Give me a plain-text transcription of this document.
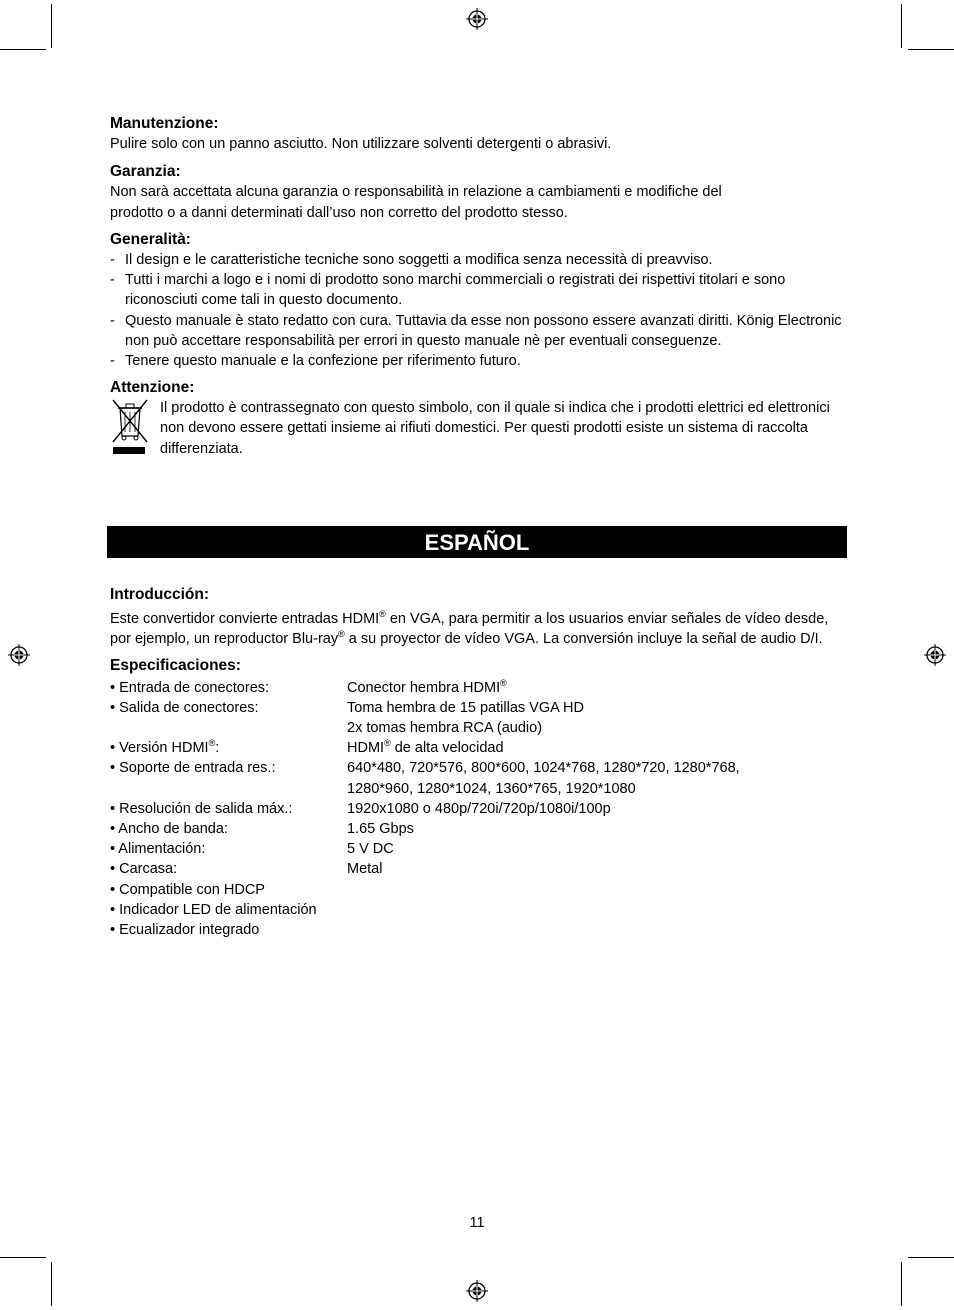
Manutenzione:

Pulire solo con un panno asciutto. Non utilizzare solventi detergenti o abrasivi.

Garanzia:

Non sarà accettata alcuna garanzia o responsabilità in relazione a cambiamenti e modifiche del

prodotto o a danni determinati dall’uso non corretto del prodotto stesso.

Generalità:
- Il design e le caratteristiche tecniche sono soggetti a modifica senza necessità di preavviso.
- Tutti i marchi a logo e i nomi di prodotto sono marchi commerciali o registrati dei rispettivi titolari e sono riconosciuti come tali in questo documento.
- Questo manuale è stato redatto con cura. Tuttavia da esse non possono essere avanzati diritti. König Electronic non può accettare responsabilità per errori in questo manuale nè per eventuali conseguenze.
- Tenere questo manuale e la confezione per riferimento futuro.
Attenzione:

Il prodotto è contrassegnato con questo simbolo, con il quale si indica che i prodotti elettrici ed elettronici non devono essere gettati insieme ai rifiuti domestici. Per questi prodotti esiste un sistema di raccolta differenziata.

ESPAÑOL
Introducción:

Este convertidor convierte entradas HDMI® en VGA, para permitir a los usuarios enviar señales de vídeo desde, por ejemplo, un reproductor Blu-ray® a su proyector de vídeo VGA. La conversión incluye la señal de audio D/I.

Especificaciones:
• Entrada de conectores:	Conector hembra HDMI®
• Salida de conectores:	Toma hembra de 15 patillas VGA HD
2x tomas hembra RCA (audio)
• Versión HDMI®:	HDMI® de alta velocidad
• Soporte de entrada res.:	640*480, 720*576, 800*600, 1024*768, 1280*720, 1280*768, 1280*960, 1280*1024, 1360*765, 1920*1080
• Resolución de salida máx.:	1920x1080 o 480p/720i/720p/1080i/100p
• Ancho de banda:	1.65 Gbps
• Alimentación:	5 V DC
• Carcasa:	Metal
• Compatible con HDCP
• Indicador LED de alimentación
• Ecualizador integrado
11
